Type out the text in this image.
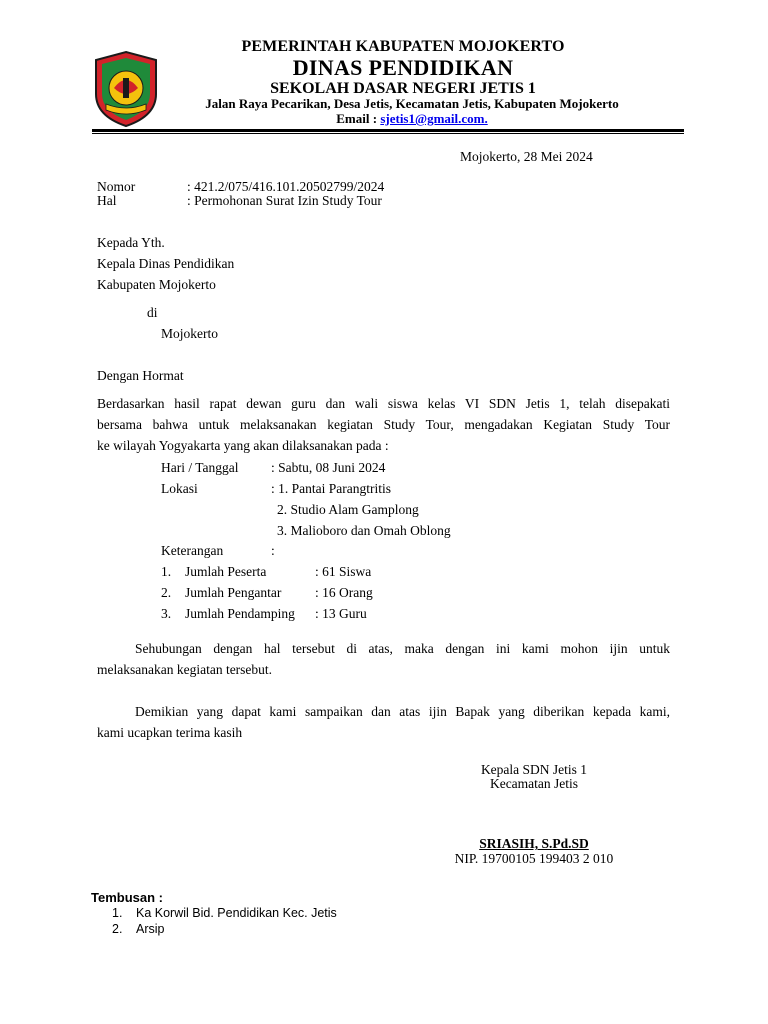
PEMERINTAH KABUPATEN MOJOKERTO
DINAS PENDIDIKAN
SEKOLAH DASAR NEGERI JETIS 1
Jalan Raya Pecarikan, Desa Jetis, Kecamatan Jetis, Kabupaten Mojokerto
Email : sjetis1@gmail.com.
Mojokerto, 28 Mei 2024
Nomor	: 421.2/075/416.101.20502799/2024
Hal	: Permohonan Surat Izin Study Tour
Kepada Yth.
Kepala Dinas Pendidikan
Kabupaten Mojokerto
di
Mojokerto
Dengan Hormat
Berdasarkan hasil rapat dewan guru dan wali siswa kelas VI SDN Jetis 1, telah disepakati
bersama bahwa untuk melaksanakan kegiatan Study Tour, mengadakan Kegiatan Study Tour
ke wilayah Yogyakarta yang akan dilaksanakan pada :
Hari / Tanggal : Sabtu, 08 Juni 2024
Lokasi	: 1. Pantai Parangtritis
2. Studio Alam Gamplong
3. Malioboro dan Omah Oblong
Keterangan	:
1. Jumlah Peserta	: 61 Siswa
2. Jumlah Pengantar : 16 Orang
3. Jumlah Pendamping : 13 Guru
Sehubungan dengan hal tersebut di atas, maka dengan ini kami mohon ijin untuk
melaksanakan kegiatan tersebut.
Demikian yang dapat kami sampaikan dan atas ijin Bapak yang diberikan kepada kami,
kami ucapkan terima kasih
Kepala SDN Jetis 1
Kecamatan Jetis
SRIASIH, S.Pd.SD
NIP. 19700105 199403 2 010
Tembusan :
1. Ka Korwil Bid. Pendidikan Kec. Jetis
2. Arsip
